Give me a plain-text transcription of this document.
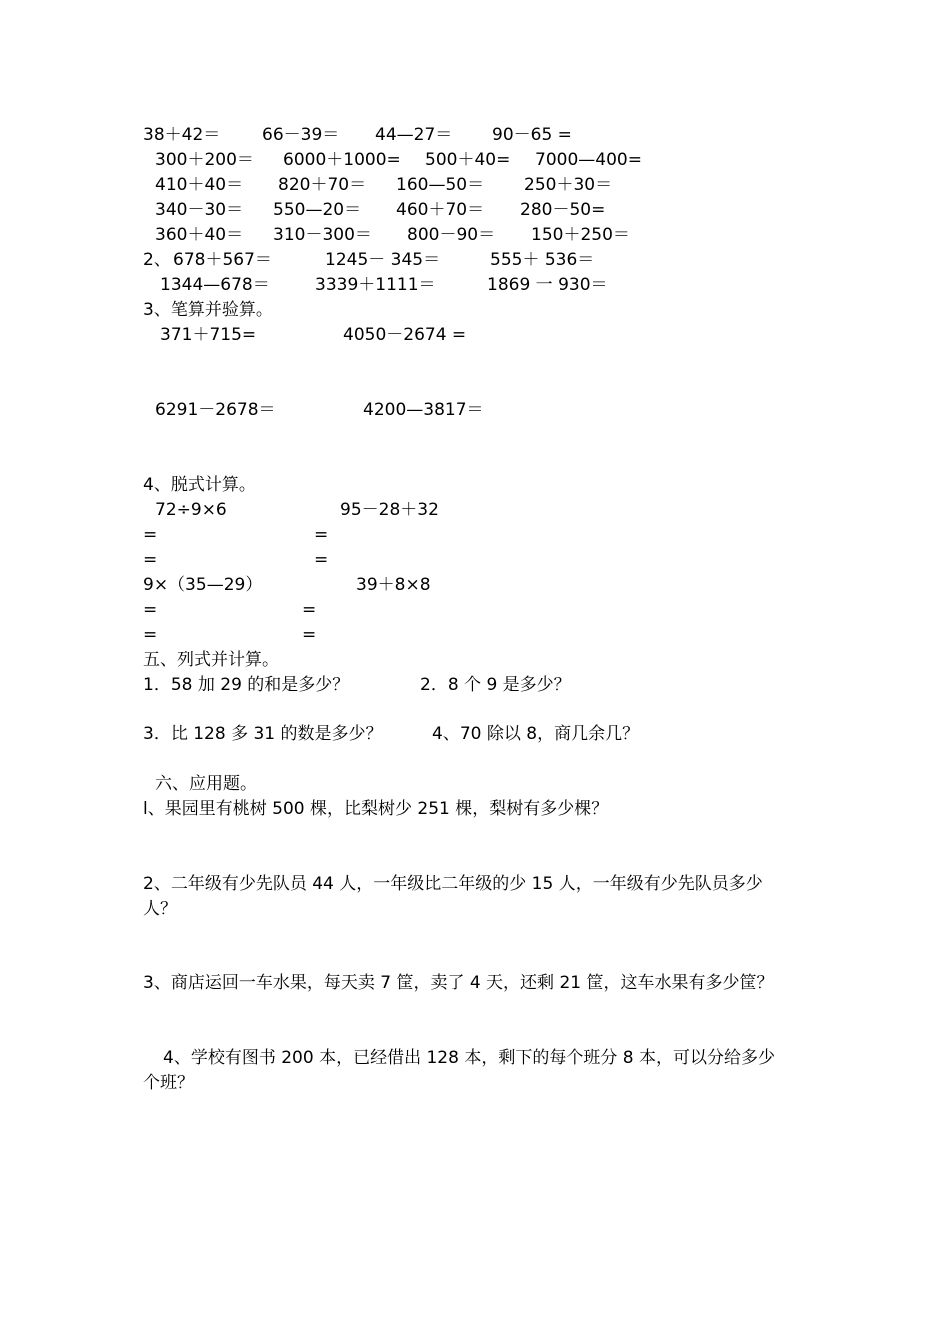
38＋42＝ 66－39＝ 44—27＝ 90－65 =
300＋200＝ 6000＋1000= 500＋40= 7000—400=
410＋40＝ 820＋70＝ 160—50＝ 250＋30＝
340－30＝ 550—20＝ 460＋70＝ 280－50=
360＋40＝ 310－300＝ 800－90＝ 150＋250＝
2、 678＋567＝	1245－ 345＝	555＋ 536＝
1344—678＝	3339＋1111＝	1869 一 930＝
3、笔算并验算。
371＋715=	4050－2674 =
6291－2678＝	4200—3817＝
4、脱式计算。
72÷9×6	95－28＋32
=	=
=	=
9×（35—29）	39＋8×8
=	=
=	=
五、列式并计算。
1．58 加 29 的和是多少？	2．8 个 9 是多少？
3．比 128 多 31 的数是多少？	4、70 除以 8，商几余几？
六、应用题。
l、果园里有桃树 500 棵，比梨树少 251 棵，梨树有多少棵？
2、二年级有少先队员 44 人，一年级比二年级的少 15 人，一年级有少先队员多少
人？
3、商店运回一车水果，每天卖 7 筐，卖了 4 天，还剩 21 筐，这车水果有多少筐？
4、学校有图书 200 本，已经借出 128 本，剩下的每个班分 8 本，可以分给多少
个班？
